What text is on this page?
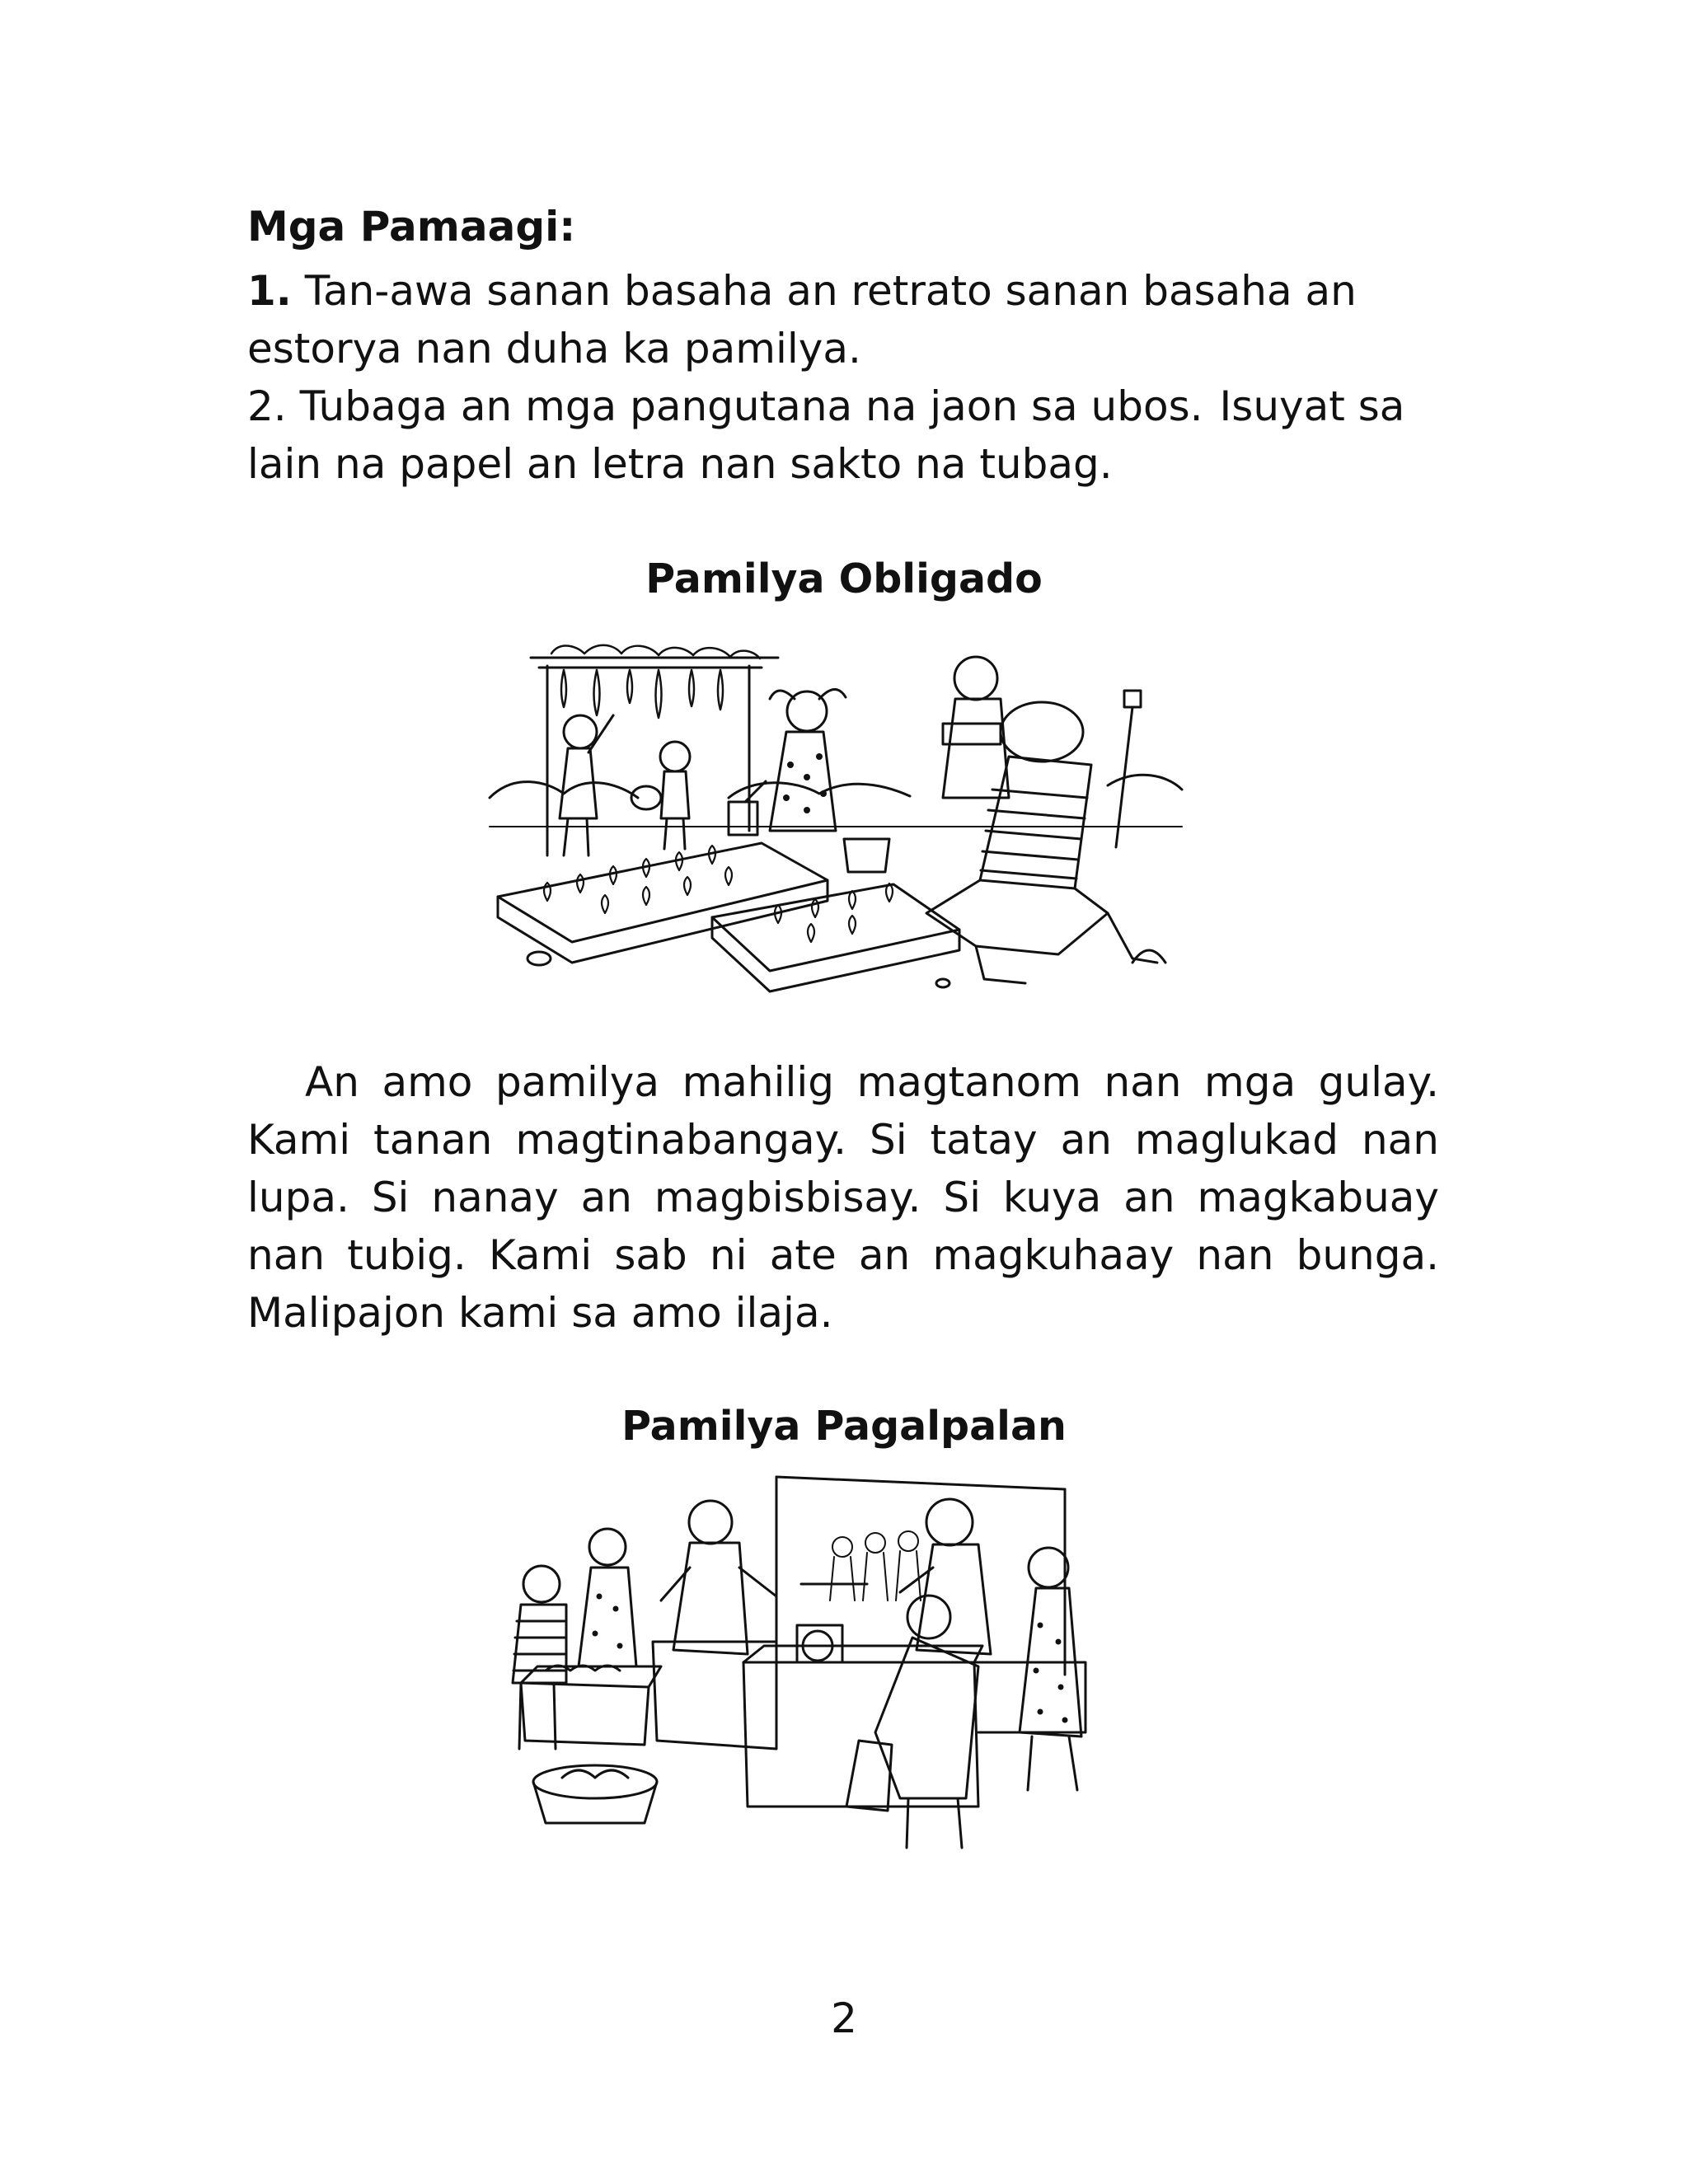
Mga Pamaagi:

1. Tan-awa sanan basaha an retrato sanan basaha an estorya nan duha ka pamilya.

2. Tubaga an mga pangutana na jaon sa ubos. Isuyat sa lain na papel an letra nan sakto na tubag.

Pamilya Obligado

An amo pamilya mahilig magtanom nan mga gulay. Kami tanan magtinabangay. Si tatay an maglukad nan lupa. Si nanay an magbisbisay. Si kuya an magkabuay nan tubig. Kami sab ni ate an magkuhaay nan bunga. Malipajon kami sa amo ilaja.

Pamilya Pagalpalan

2
